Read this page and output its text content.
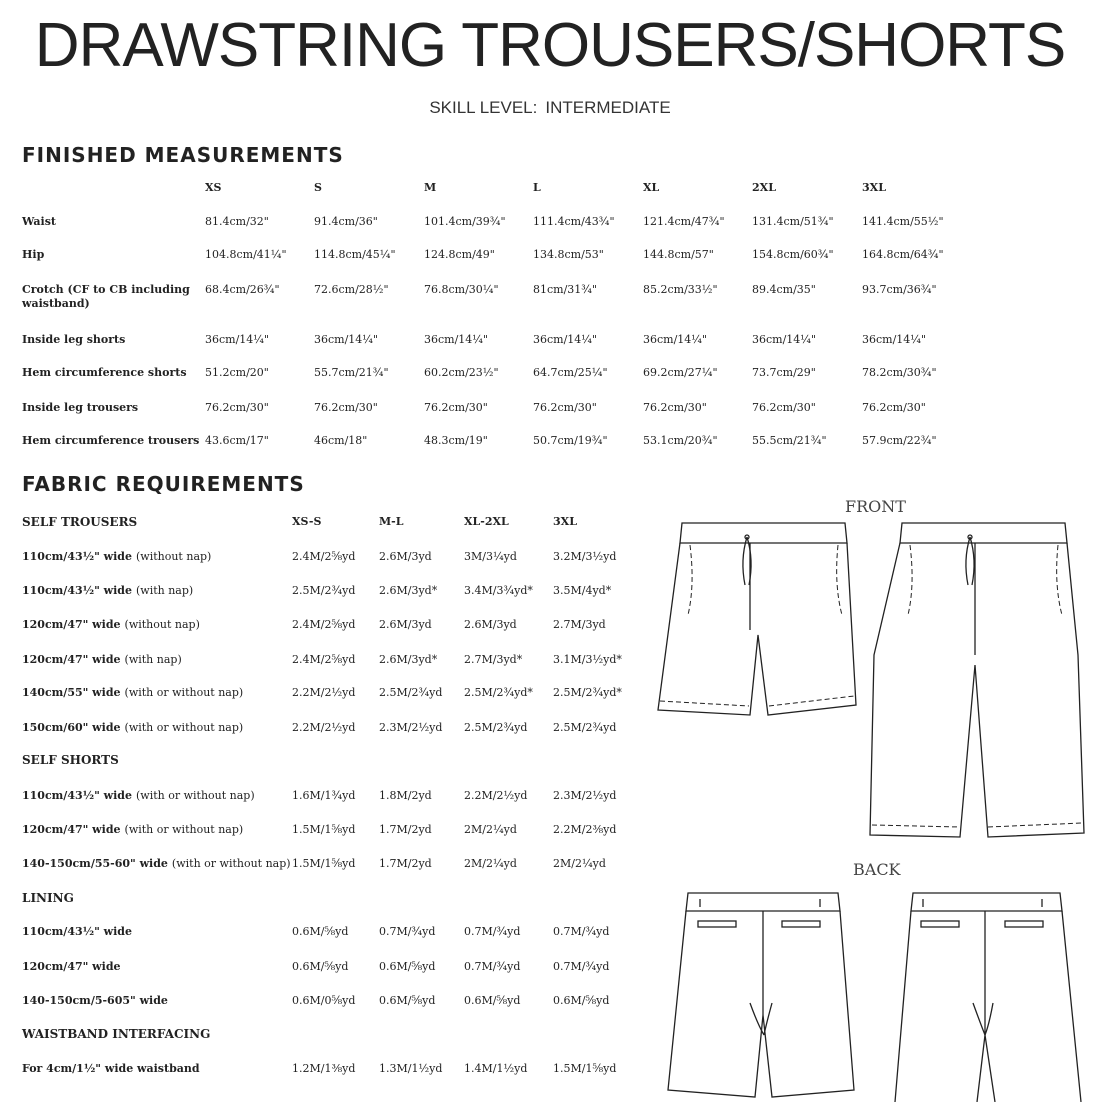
DRAWSTRING TROUSERS/SHORTS
SKILL LEVEL: INTERMEDIATE
FINISHED MEASUREMENTS
XS	S	M	L	XL	2XL	3XL
Waist	81.4cm/32"	91.4cm/36"	101.4cm/39¾" 111.4cm/43¾"	121.4cm/47¾" 131.4cm/51¾"	141.4cm/55½"
Hip	104.8cm/41¼" 114.8cm/45¼"	124.8cm/49"	134.8cm/53"	144.8cm/57"	154.8cm/60¾"	164.8cm/64¾"
Crotch (CF to CB including waistband)
68.4cm/26¾"	72.6cm/28½"	76.8cm/30¼"	81cm/31¾"	85.2cm/33½"	89.4cm/35"	93.7cm/36¾"
Inside leg shorts	36cm/14¼"	36cm/14¼"	36cm/14¼"	36cm/14¼"	36cm/14¼"	36cm/14¼"	36cm/14¼"
Hem circumference shorts	51.2cm/20"	55.7cm/21¾"	60.2cm/23½"	64.7cm/25¼"	69.2cm/27¼"	73.7cm/29"	78.2cm/30¾"
Inside leg trousers	76.2cm/30"	76.2cm/30"	76.2cm/30"	76.2cm/30"	76.2cm/30"	76.2cm/30"	76.2cm/30"
Hem circumference trousers 43.6cm/17"	46cm/18"	48.3cm/19"	50.7cm/19¾"	53.1cm/20¾"	55.5cm/21¾"	57.9cm/22¾"
FABRIC REQUIREMENTS
XS-S	M-L	XL-2XL	3XL
SELF TROUSERS
110cm/43½" wide (without nap)	2.4M/2⅝yd 2.6M/3yd	3M/3¼yd	3.2M/3½yd
110cm/43½" wide (with nap)	2.5M/2¾yd 2.6M/3yd* 3.4M/3¾yd* 3.5M/4yd*
120cm/47" wide (without nap)	2.4M/2⅝yd 2.6M/3yd	2.6M/3yd	2.7M/3yd
120cm/47" wide (with nap)	2.4M/2⅝yd 2.6M/3yd* 2.7M/3yd*	3.1M/3½yd*
140cm/55" wide (with or without nap)	2.2M/2½yd 2.5M/2¾yd 2.5M/2¾yd* 2.5M/2¾yd*
150cm/60" wide (with or without nap)	2.2M/2½yd 2.3M/2½yd 2.5M/2¾yd 2.5M/2¾yd
SELF SHORTS
110cm/43½" wide (with or without nap)	1.6M/1¾yd 1.8M/2yd	2.2M/2½yd 2.3M/2½yd
120cm/47" wide (with or without nap)	1.5M/1⅝yd 1.7M/2yd	2M/2¼yd	2.2M/2⅜yd
140-150cm/55-60" wide (with or without nap) 1.5M/1⅝yd 1.7M/2yd	2M/2¼yd	2M/2¼yd
LINING
110cm/43½" wide	0.6M/⅝yd	0.7M/¾yd	0.7M/¾yd	0.7M/¾yd
120cm/47" wide	0.6M/⅝yd	0.6M/⅝yd	0.7M/¾yd	0.7M/¾yd
140-150cm/5-605" wide	0.6M/0⅝yd 0.6M/⅝yd	0.6M/⅝yd	0.6M/⅝yd
WAISTBAND INTERFACING
For 4cm/1½" wide waistband	1.2M/1⅜yd 1.3M/1½yd 1.4M/1½yd 1.5M/1⅝yd
FRONT
BACK
